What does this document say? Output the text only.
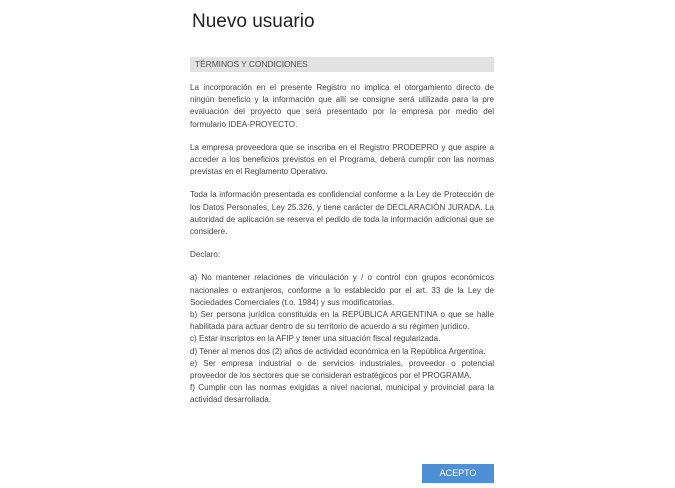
Nuevo usuario
TÉRMINOS Y CONDICIONES

La incorporación en el presente Registro no implica el otorgamiento directo de ningún beneficio y la información que allí se consigne será utilizada para la pre evaluación del proyecto que será presentado por la empresa por medio del formulario IDEA-PROYECTO.

La empresa proveedora que se inscriba en el Registro PRODEPRO y que aspire a acceder a los beneficios previstos en el Programa, deberá cumplir con las normas previstas en el Reglamento Operativo.

Toda la información presentada es confidencial conforme a la Ley de Protección de los Datos Personales, Ley 25.326, y tiene carácter de DECLARACIÓN JURADA. La autoridad de aplicación se reserva el pedido de toda la información adicional que se considere.

Declaro:

a) No mantener relaciones de vinculación y / o control con grupos económicos nacionales o extranjeros, conforme a lo establecido por el art. 33 de la Ley de Sociedades Comerciales (t.o. 1984) y sus modificatorias.

b) Ser persona jurídica constituida en la REPÚBLICA ARGENTINA o que se halle habilitada para actuar dentro de su territorio de acuerdo a su régimen jurídico.

c) Estar inscriptos en la AFIP y tener una situación fiscal regularizada.

d) Tener al menos dos (2) años de actividad económica en la República Argentina.

e) Ser empresa industrial o de servicios industriales, proveedor o potencial proveedor de los sectores que se consideran estratégicos por el PROGRAMA.

f) Cumplir con las normas exigidas a nivel nacional, municipal y provincial para la actividad desarrollada.

ACEPTO
